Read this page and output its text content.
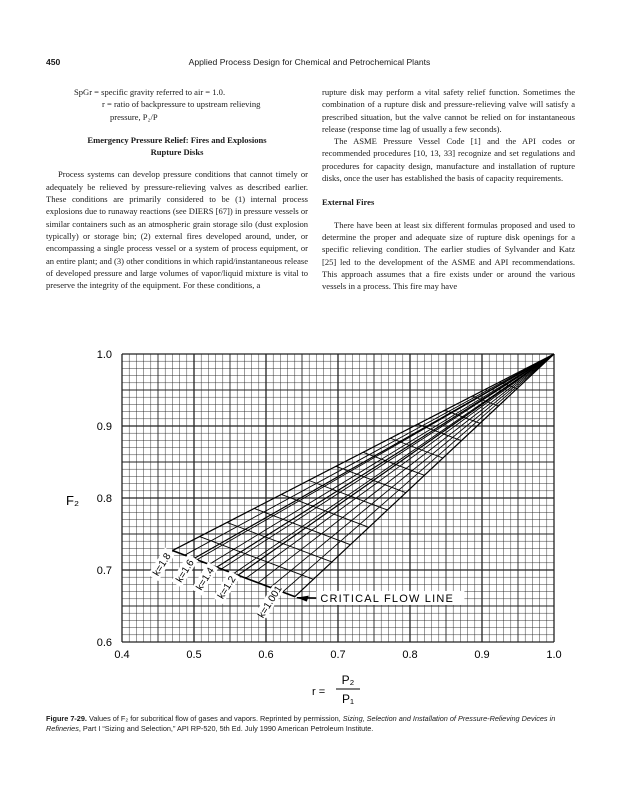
450	Applied Process Design for Chemical and Petrochemical Plants

SpGr = specific gravity referred to air = 1.0.

r = ratio of backpressure to upstream relieving

pressure, P₂/P

Emergency Pressure Relief: Fires and Explosions
Rupture Disks

Process systems can develop pressure conditions that cannot timely or adequately be relieved by pressure-relieving valves as described earlier. These conditions are primarily considered to be (1) internal process explosions due to runaway reactions (see DIERS [67]) in pressure vessels or similar containers such as an atmospheric grain storage silo (dust explosion typically) or storage bin; (2) external fires developed around, under, or encompassing a single process vessel or a system of process equipment, or an entire plant; and (3) other conditions in which rapid/instantaneous release of developed pressure and large volumes of vapor/liquid mixture is vital to preserve the integrity of the equipment. For these conditions, a

rupture disk may perform a vital safety relief function. Sometimes the combination of a rupture disk and pressure-relieving valve will satisfy a prescribed situation, but the valve cannot be relied on for instantaneous release (response time lag of usually a few seconds).

The ASME Pressure Vessel Code [1] and the API codes or recommended procedures [10, 13, 33] recognize and set regulations and procedures for capacity design, manufacture and installation of rupture disks, once the user has established the basis of capacity requirements.

External Fires

There have been at least six different formulas proposed and used to determine the proper and adequate size of rupture disk openings for a specific relieving condition. The earlier studies of Sylvander and Katz [25] led to the development of the ASME and API recommendations. This approach assumes that a fire exists under or around the various vessels in a process. This fire may have

k=1.8 k=1.6
k=1.4 k=1.2 k=1.001	CRITICAL FLOW LINE
0.4	0.5	0.6	0.7	0.8	0.9	1.0
0.6
0.7
0.8
0.9
1.0
F₂
r =
P₂
P₁
Figure 7-29. Values of F₂ for subcritical flow of gases and vapors. Reprinted by permission, Sizing, Selection and Installation of Pressure-Relieving Devices in Refineries, Part I “Sizing and Selection,” API RP-520, 5th Ed. July 1990 American Petroleum Institute.
